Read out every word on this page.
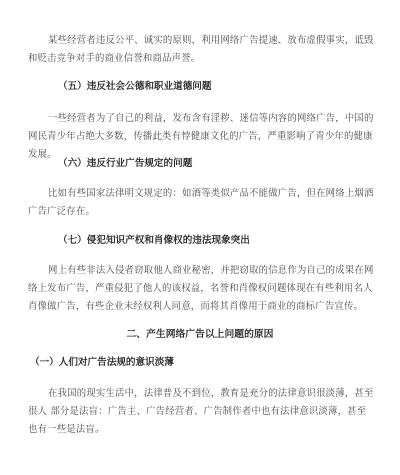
某些经营者违反公平、诚实的原则，利用网络广告提速、放布虚假事实，诋毁和贬击竞争对手的商业信誉和商品声誉。
（五）违反社会公德和职业道德问题
一些经营者为了自己的利益，发布含有淫秽、迷信等内容的网络广告，中国的网民青少年占绝大多数，传播此类有悖健康文化的广告，严重影响了青少年的健康发展。
（六）违反行业广告规定的问题
比如有些国家法律明文规定的：如酒等类似产品不能做广告，但在网络上烟酒广告广泛存在。
（七）侵犯知识产权和肖像权的违法现象突出
网上有些非法入侵者窃取他人商业秘密，并把窃取的信息作为自己的成果在网络上发布广告，严重侵犯了他人的该权益，名誉和肖像权问题体现在有些利用名人肖像做广告，有些企业未经权利人同意，而将其肖像用于商业的商标广告宣传。
二、产生网络广告以上问题的原因
（一）人们对广告法规的意识淡薄
在我国的现实生活中，法律普及不到位，教育是充分的法律意识很淡薄，甚至很人 部分是法盲：广告主、广告经营者、广告制作者中也有法律意识淡薄，甚至也有一些是法盲。
